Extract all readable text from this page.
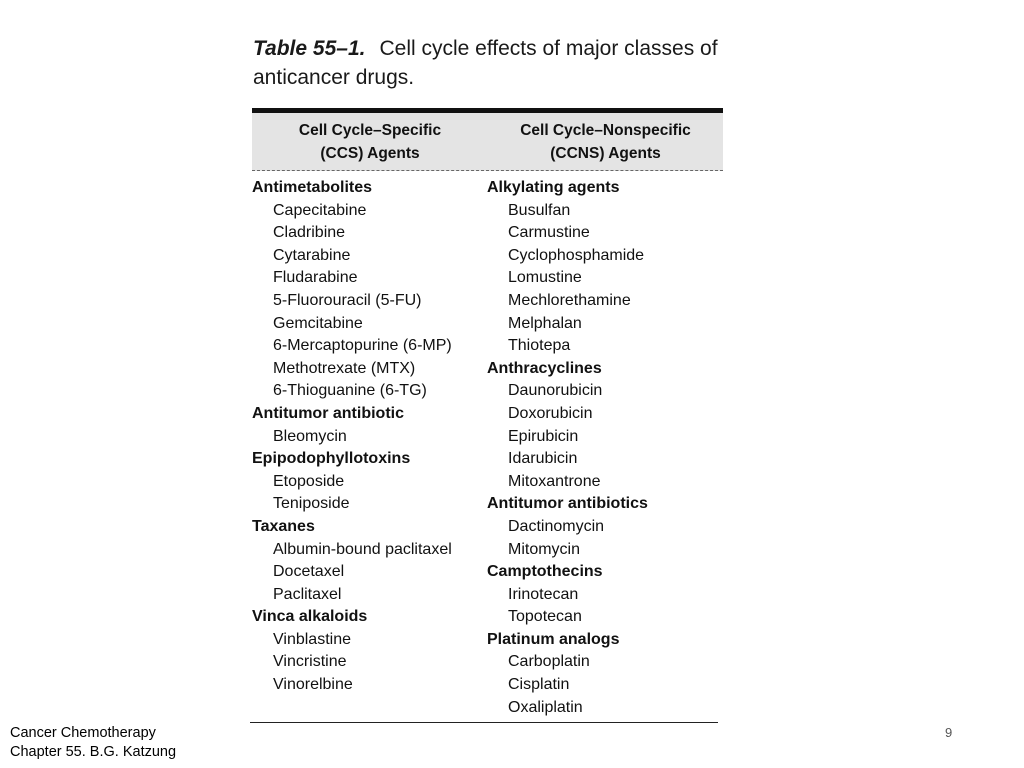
Table 55–1. Cell cycle effects of major classes of anticancer drugs.
Cell Cycle–Specific
(CCS) Agents
Cell Cycle–Nonspecific
(CCNS) Agents
Antimetabolites
Capecitabine
Cladribine
Cytarabine
Fludarabine
5-Fluorouracil (5-FU)
Gemcitabine
6-Mercaptopurine (6-MP)
Methotrexate (MTX)
6-Thioguanine (6-TG)
Antitumor antibiotic
Bleomycin
Epipodophyllotoxins
Etoposide
Teniposide
Taxanes
Albumin-bound paclitaxel
Docetaxel
Paclitaxel
Vinca alkaloids
Vinblastine
Vincristine
Vinorelbine
Alkylating agents
Busulfan
Carmustine
Cyclophosphamide
Lomustine
Mechlorethamine
Melphalan
Thiotepa
Anthracyclines
Daunorubicin
Doxorubicin
Epirubicin
Idarubicin
Mitoxantrone
Antitumor antibiotics
Dactinomycin
Mitomycin
Camptothecins
Irinotecan
Topotecan
Platinum analogs
Carboplatin
Cisplatin
Oxaliplatin
Cancer Chemotherapy
Chapter 55. B.G. Katzung
9
